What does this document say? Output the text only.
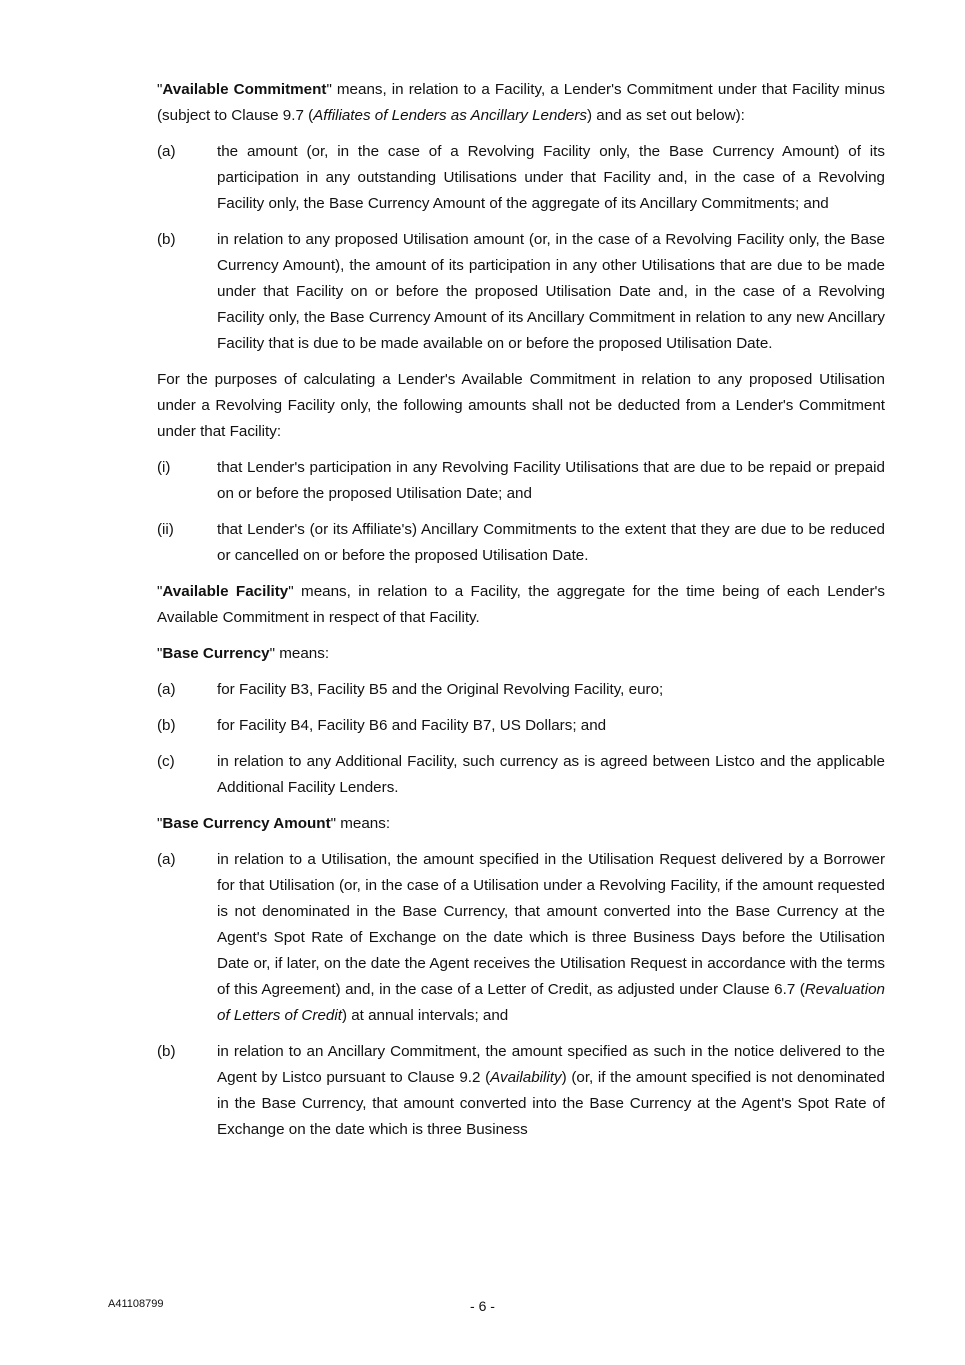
"Available Commitment" means, in relation to a Facility, a Lender's Commitment under that Facility minus (subject to Clause 9.7 (Affiliates of Lenders as Ancillary Lenders) and as set out below):

(a)	the amount (or, in the case of a Revolving Facility only, the Base Currency Amount) of its participation in any outstanding Utilisations under that Facility and, in the case of a Revolving Facility only, the Base Currency Amount of the aggregate of its Ancillary Commitments; and

(b)	in relation to any proposed Utilisation amount (or, in the case of a Revolving Facility only, the Base Currency Amount), the amount of its participation in any other Utilisations that are due to be made under that Facility on or before the proposed Utilisation Date and, in the case of a Revolving Facility only, the Base Currency Amount of its Ancillary Commitment in relation to any new Ancillary Facility that is due to be made available on or before the proposed Utilisation Date.

For the purposes of calculating a Lender's Available Commitment in relation to any proposed Utilisation under a Revolving Facility only, the following amounts shall not be deducted from a Lender's Commitment under that Facility:

(i)	that Lender's participation in any Revolving Facility Utilisations that are due to be repaid or prepaid on or before the proposed Utilisation Date; and

(ii)	that Lender's (or its Affiliate's) Ancillary Commitments to the extent that they are due to be reduced or cancelled on or before the proposed Utilisation Date.

"Available Facility" means, in relation to a Facility, the aggregate for the time being of each Lender's Available Commitment in respect of that Facility.

"Base Currency" means:

(a)	for Facility B3, Facility B5 and the Original Revolving Facility, euro;

(b)	for Facility B4, Facility B6 and Facility B7, US Dollars; and

(c)	in relation to any Additional Facility, such currency as is agreed between Listco and the applicable Additional Facility Lenders.

"Base Currency Amount" means:

(a)	in relation to a Utilisation, the amount specified in the Utilisation Request delivered by a Borrower for that Utilisation (or, in the case of a Utilisation under a Revolving Facility, if the amount requested is not denominated in the Base Currency, that amount converted into the Base Currency at the Agent's Spot Rate of Exchange on the date which is three Business Days before the Utilisation Date or, if later, on the date the Agent receives the Utilisation Request in accordance with the terms of this Agreement) and, in the case of a Letter of Credit, as adjusted under Clause 6.7 (Revaluation of Letters of Credit) at annual intervals; and

(b)	in relation to an Ancillary Commitment, the amount specified as such in the notice delivered to the Agent by Listco pursuant to Clause 9.2 (Availability) (or, if the amount specified is not denominated in the Base Currency, that amount converted into the Base Currency at the Agent's Spot Rate of Exchange on the date which is three Business

A41108799	- 6 -
